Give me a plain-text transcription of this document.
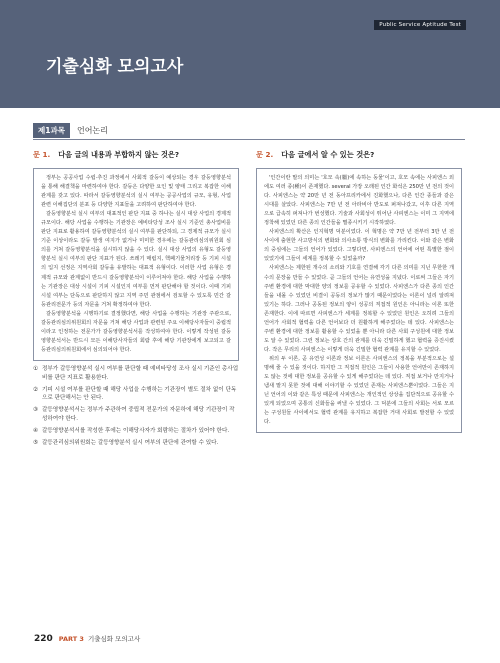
Public Service Aptitude Test
기출심화 모의고사
제1과목	언어논리
문 1. 다음 글의 내용과 부합하지 않는 것은?

정부는 공공사업 수립·추진 과정에서 사회적 갈등이 예상되는 경우 갈등영향분석을 통해 해결책을 마련하여야 한다. 갈등은 다양한 요인 및 양태 그리고 복잡한 이해관계를 갖고 있다. 따라서 갈등영향분석의 실시 여부는 공공사업의 규모, 유형, 사업 관련 이해집단의 분포 등 다양한 지표들을 고려하여 판단하여야 한다.

갈등영향분석 실시 여부의 대표적인 판단 지표 중 하나는 실시 대상 사업의 경제적 규모이다. 해당 사업을 수행하는 기관장은 예비타당성 조사 실시 기준인 총사업비를 판단 지표로 활용하여 갈등영향분석의 실시 여부를 판단하되, 그 경제적 규모가 실시 기준 이상이라도 갈등 발생 여지가 없거나 미미한 경우에는 갈등관리심의위원회 심의를 거쳐 갈등영향분석을 실시하지 않을 수 있다. 실시 대상 사업의 유형도 갈등영향분석 실시 여부의 판단 지표가 된다. 쓰레기 매립지, 핵폐기물처리장 등 기피 시설의 입지 선정은 지역사회 갈등을 유발하는 대표적 유형이다. 이러한 사업 유형은 경제적 규모와 관계없이 반드시 갈등영향분석이 이루어져야 한다. 해당 사업을 수행하는 기관장은 대상 시설이 기피 시설인지 여부를 먼저 판단해야 할 것이다. 이때 기피 시설 여부는 단독으로 판단하지 않고 지역 주민 관점에서 검토할 수 있도록 민간 갈등관리전문가 등의 자문을 거쳐 확정하여야 한다.

갈등영향분석을 시행하기로 결정했다면, 해당 사업을 수행하는 기관장 주관으로, 갈등관리심의위원회의 자문을 거쳐 해당 사업과 관련된 주요 이해당사자들이 중립적이라고 인정하는 전문가가 갈등영향분석서를 작성하여야 한다. 이렇게 작성된 갈등영향분석서는 반드시 모든 이해당사자들의 회람 후에 해당 기관장에게 보고되고 갈등관리심의위원회에서 심의되어야 한다.

① 정부가 갈등영향분석 실시 여부를 판단할 때 예비타당성 조사 실시 기준인 총사업비를 판단 지표로 활용한다.
② 기피 시설 여부를 판단할 때 해당 사업을 수행하는 기관장이 별도 절차 없이 단독으로 판단해서는 안 된다.
③ 갈등영향분석서는 정부가 주관하여 중립적 전문가의 자문하에 해당 기관장이 작성하여야 한다.
④ 갈등영향분석서를 작성한 후에는 이해당사자가 회람하는 절차가 있어야 한다.
⑤ 갈등관리심의위원회는 갈등영향분석 실시 여부의 판단에 관여할 수 있다.
문 2. 다음 글에서 알 수 있는 것은?

'인간이란 말의 의미는 '호모 속(屬)에 속하는 동물'이고, 호모 속에는 사피엔스 외에도 여러 종(種)이 존재했다. several 가장 오래된 인간 화석은 250만 년 전의 것이다. 사피엔스는 약 20만 년 전 동아프리카에서 진화했으나, 다른 인간 종들과 같은 시대를 살았다. 사피엔스는 7만 년 전 아라비아 반도로 퍼져나갔고, 이후 다른 지역으로 급속히 퍼져나가 번성했다. 기술과 사회성이 뛰어난 사피엔스는 이미 그 지역에 정착해 있었던 다른 종의 인간들을 멸종시키기 시작하였다.

사피엔스의 확산은 인지혁명 덕분이었다. 이 혁명은 약 7만 년 전부터 3만 년 전 사이에 출현한 사고방식의 변화와 의사소통 방식의 변화를 가리킨다. 이와 같은 변화의 중심에는 그들의 언어가 있었다. 그렇다면, 사피엔스의 언어에 어떤 특별한 점이 있었기에 그들이 세계를 정복할 수 있었을까?

사피엔스는 제한된 개수의 소리와 기호를 연결해 각기 다른 의미를 지닌 무한한 개수의 문장을 만들 수 있었다. 곧 그들의 언어는 유연성을 지녔다. 이로써 그들은 자기 주변 환경에 대한 막대한 양의 정보를 공유할 수 있었다. 사피엔스가 다른 종의 인간들을 내몰 수 있었던 비결이 공동의 정보가 많기 때문이었다는 이론이 널리 알려져 있기는 하다. 그러나 공동된 정보의 양이 성공의 직접적 원인은 아니라는 이론 또한 존재한다. 이에 따르면 사피엔스가 세계를 정복할 수 있었던 원인은 오히려 그들의 언어가 사회적 협력을 다른 언어보다 더 원활하게 해주었다는 데 있다. 사피엔스는 주변 환경에 대한 정보를 활용할 수 있었을 뿐 아니라 다른 사회 구성원에 대한 정보도 알 수 있었다. 그런 정보는 상호 간의 관계를 더욱 긴밀하게 했고 협력을 증진시켰다. 작은 무리의 사피엔스는 이렇게 더욱 긴밀한 협력 관계를 유지할 수 있었다.

위의 두 이론, 곧 유연성 이론과 정보 이론은 사피엔스의 정복을 부분적으로는 설명해 줄 수 있을 것이다. 하지만 그 직접적 원인은 그들이 사용한 언어만이 존재하지도 않는 것에 대한 정보를 공유할 수 있게 해주었다는 데 있다. 직접 보거나 만지거나 냄새 맡지 못한 것에 대해 이야기할 수 있었던 존재는 사피엔스뿐이었다. 그들은 지닌 언어의 이와 같은 특성 때문에 사피엔스는 개인적인 상상을 집단적으로 공유할 수 있게 되었으며 공통의 신화들을 써낼 수 있었다. 그 덕분에 그들의 사회는 서로 모르는 구성원들 사이에서도 협력 관계를 유지하고 복잡한 거대 사회로 발전할 수 있었다.

220 PART 3 기출심화 모의고사
